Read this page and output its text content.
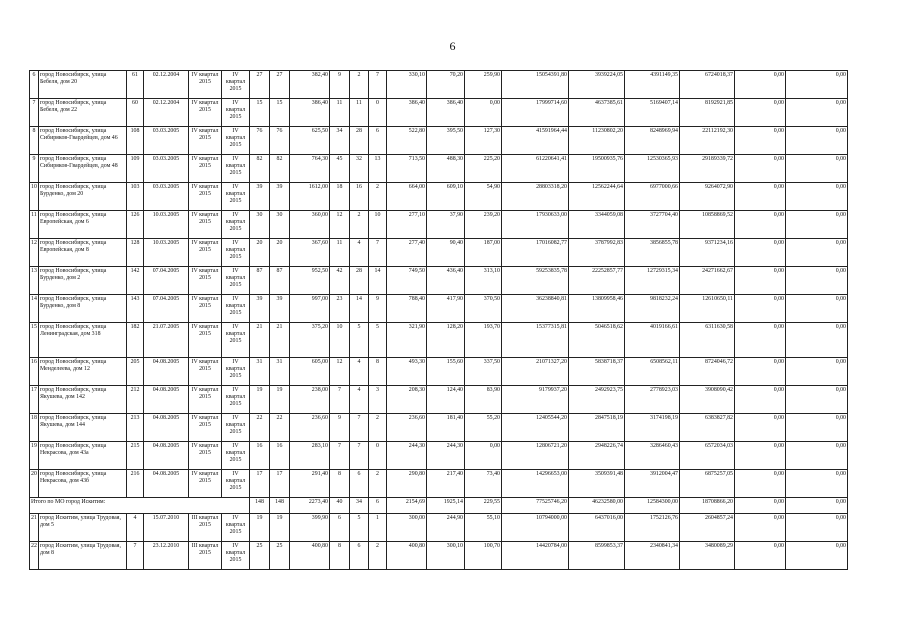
6
6	город Новосибирск, улица Бебеля, дом 20	61	02.12.2004	IV квартал 2015	IV квартал 2015	27	27	382,40	9	2	7	330,10	70,20	259,90	15054391,80	3939224,05	4391149,35	6724018,37	0,00	0,00
7	город Новосибирск, улица Бебеля, дом 22	60	02.12.2004	IV квартал 2015	IV квартал 2015	15	15	386,40	11	11	0	386,40	386,40	0,00	17999714,60	4637385,61	5169407,14	8192921,85	0,00	0,00
8	город Новосибирск, улица Сибиряков-Гвардейцев, дом 46	108	03.03.2005	IV квартал 2015	IV квартал 2015	76	76	625,50	34	28	6	522,80	395,50	127,30	41591964,44	11230802,20	8248969,94	22112192,30	0,00	0,00
9	город Новосибирск, улица Сибиряков-Гвардейцев, дом 48	109	03.03.2005	IV квартал 2015	IV квартал 2015	82	82	764,30	45	32	13	713,50	488,30	225,20	61220641,41	19500935,76	12530365,93	29189339,72	0,00	0,00
10	город Новосибирск, улица Бурденко, дом 20	103	03.03.2005	IV квартал 2015	IV квартал 2015	39	39	1612,00	18	16	2	664,00	609,10	54,90	28803318,20	12562244,64	6977000,66	9264072,90	0,00	0,00
11	город Новосибирск, улица Европейская, дом 6	126	10.03.2005	IV квартал 2015	IV квартал 2015	30	30	360,00	12	2	10	277,10	37,90	239,20	17930633,00	3344059,08	3727704,40	10858869,52	0,00	0,00
12	город Новосибирск, улица Европейская, дом 8	128	10.03.2005	IV квартал 2015	IV квартал 2015	20	20	367,60	11	4	7	277,40	90,40	187,00	17016082,77	3787992,83	3856855,78	9371234,16	0,00	0,00
13	город Новосибирск, улица Бурденко, дом 2	142	07.04.2005	IV квартал 2015	IV квартал 2015	87	87	952,50	42	28	14	749,50	436,40	313,10	59253835,78	22252857,77	12729315,34	24271662,67	0,00	0,00
14	город Новосибирск, улица Бурденко, дом 8	143	07.04.2005	IV квартал 2015	IV квартал 2015	39	39	997,00	23	14	9	788,40	417,90	370,50	36238840,81	13809958,46	9818232,24	12610650,11	0,00	0,00
15	город Новосибирск, улица Ленинградская, дом 318	182	21.07.2005	IV квартал 2015	IV квартал 2015	21	21	375,20	10	5	5	321,90	128,20	193,70	15377315,81	5046518,62	4019166,61	6311630,58	0,00	0,00
16	город Новосибирск, улица Менделеева, дом 12	205	04.08.2005	IV квартал 2015	IV квартал 2015	31	31	605,00	12	4	8	493,30	155,60	337,50	21071327,20	5838718,37	6508562,11	8724046,72	0,00	0,00
17	город Новосибирск, улица Якушева, дом 142	212	04.08.2005	IV квартал 2015	IV квартал 2015	19	19	238,00	7	4	3	208,30	124,40	83,90	9179937,20	2492923,75	2778923,03	3908090,42	0,00	0,00
18	город Новосибирск, улица Якушева, дом 144	213	04.08.2005	IV квартал 2015	IV квартал 2015	22	22	236,60	9	7	2	236,60	181,40	55,20	12405544,20	2847518,19	3174198,19	6383827,82	0,00	0,00
19	город Новосибирск, улица Некрасова, дом 43а	215	04.08.2005	IV квартал 2015	IV квартал 2015	16	16	283,10	7	7	0	244,30	244,30	0,00	12806721,20	2948226,74	3286460,43	6572034,03	0,00	0,00
20	город Новосибирск, улица Некрасова, дом 43б	216	04.08.2005	IV квартал 2015	IV квартал 2015	17	17	291,40	8	6	2	290,80	217,40	73,40	14296653,00	3509391,48	3912004,47	6875257,05	0,00	0,00
Итого по МО город Искитим:						148	148	2273,40	40	34	6	2154,69	1925,14	229,55	77525746,20	46232580,00	12584300,00	18708866,20	0,00	0,00
21	город Искитим, улица Трудовая, дом 5	4	15.07.2010	III квартал 2015	IV квартал 2015	19	19	399,90	6	5	1	300,00	244,90	55,10	10794000,00	6437016,00	1752126,76	2604857,24	0,00	0,00
22	город Искитим, улица Трудовая, дом 8	7	23.12.2010	III квартал 2015	IV квартал 2015	25	25	400,80	8	6	2	400,80	300,10	100,70	14420784,00	8599853,37	2340841,34	3480089,29	0,00	0,00
